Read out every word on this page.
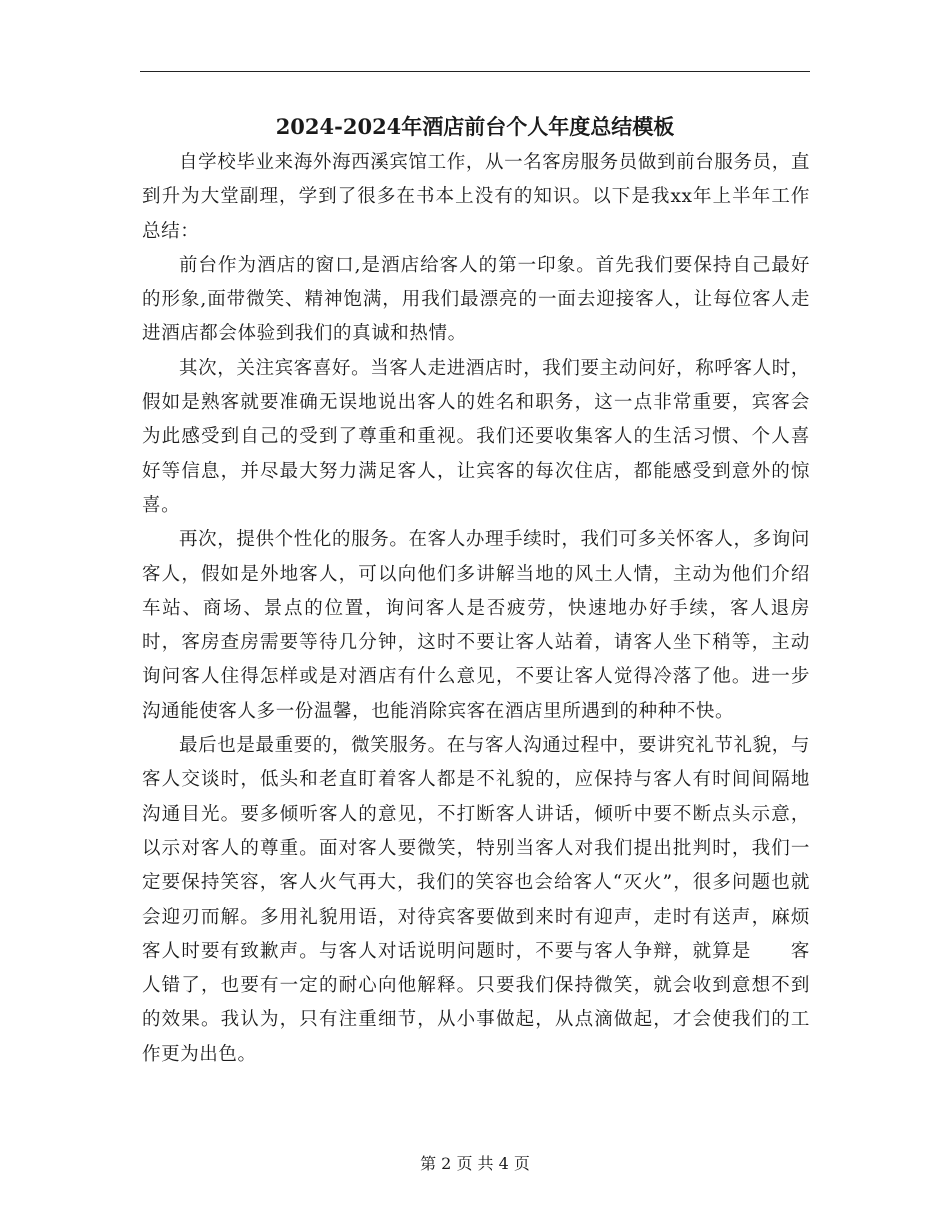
2024-2024年酒店前台个人年度总结模板

自学校毕业来海外海西溪宾馆工作，从一名客房服务员做到前台服务员，直到升为大堂副理，学到了很多在书本上没有的知识。以下是我xx年上半年工作总结：

前台作为酒店的窗口,是酒店给客人的第一印象。首先我们要保持自己最好的形象,面带微笑、精神饱满，用我们最漂亮的一面去迎接客人，让每位客人走进酒店都会体验到我们的真诚和热情。

其次，关注宾客喜好。当客人走进酒店时，我们要主动问好，称呼客人时，假如是熟客就要准确无误地说出客人的姓名和职务，这一点非常重要，宾客会为此感受到自己的受到了尊重和重视。我们还要收集客人的生活习惯、个人喜好等信息，并尽最大努力满足客人，让宾客的每次住店，都能感受到意外的惊喜。

再次，提供个性化的服务。在客人办理手续时，我们可多关怀客人，多询问客人，假如是外地客人，可以向他们多讲解当地的风土人情，主动为他们介绍车站、商场、景点的位置，询问客人是否疲劳，快速地办好手续，客人退房时，客房查房需要等待几分钟，这时不要让客人站着，请客人坐下稍等，主动询问客人住得怎样或是对酒店有什么意见，不要让客人觉得冷落了他。进一步沟通能使客人多一份温馨，也能消除宾客在酒店里所遇到的种种不快。

最后也是最重要的，微笑服务。在与客人沟通过程中，要讲究礼节礼貌，与客人交谈时，低头和老直盯着客人都是不礼貌的，应保持与客人有时间间隔地沟通目光。要多倾听客人的意见，不打断客人讲话，倾听中要不断点头示意，以示对客人的尊重。面对客人要微笑，特别当客人对我们提出批判时，我们一定要保持笑容，客人火气再大，我们的笑容也会给客人“灭火”，很多问题也就会迎刃而解。多用礼貌用语，对待宾客要做到来时有迎声，走时有送声，麻烦客人时要有致歉声。与客人对话说明问题时，不要与客人争辩，就算是　　客人错了，也要有一定的耐心向他解释。只要我们保持微笑，就会收到意想不到的效果。我认为，只有注重细节，从小事做起，从点滴做起，才会使我们的工作更为出色。

第 2 页 共 4 页
